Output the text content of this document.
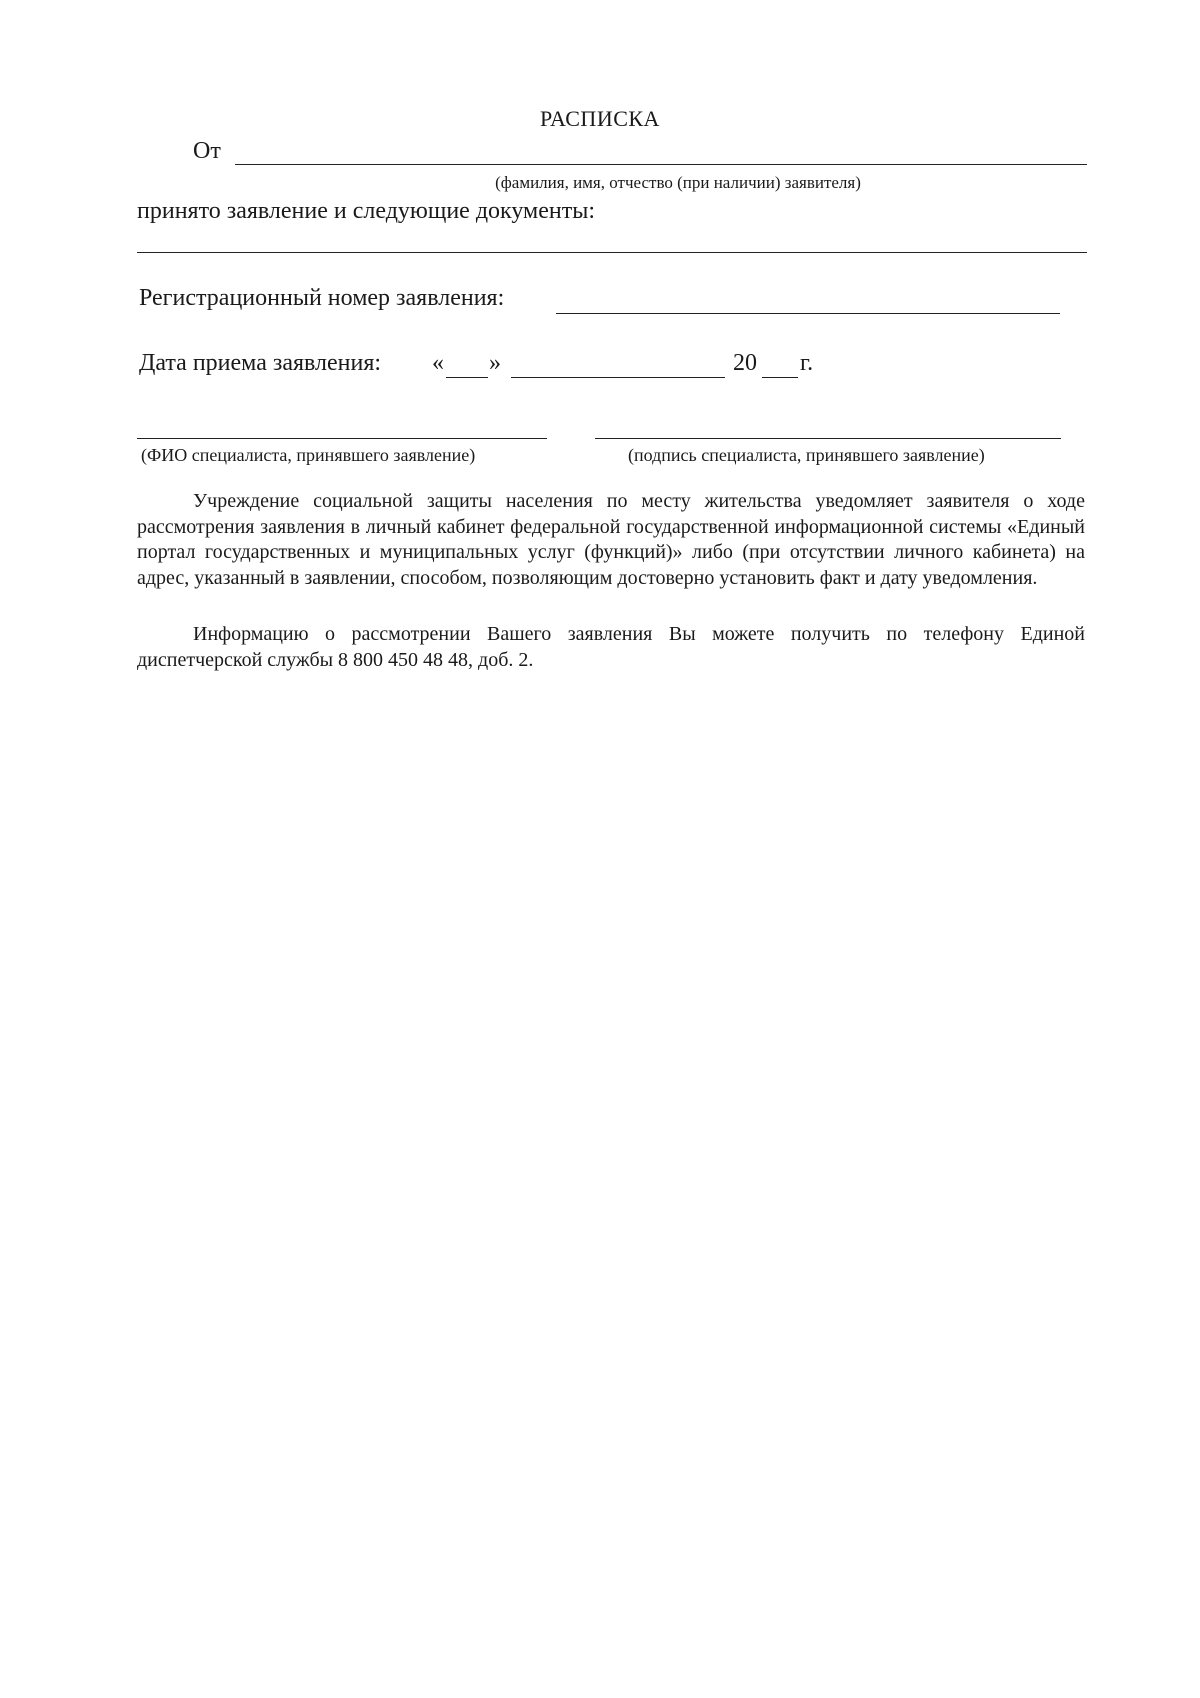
РАСПИСКА
От
(фамилия, имя, отчество (при наличии) заявителя)
принято заявление и следующие документы:
Регистрационный номер заявления:
Дата приема заявления: « »	20 г.
(ФИО специалиста, принявшего заявление)	(подпись специалиста, принявшего заявление)
Учреждение социальной защиты населения по месту жительства уведомляет заявителя о ходе рассмотрения заявления в личный кабинет федеральной государственной информационной системы «Единый портал государственных и муниципальных услуг (функций)» либо (при отсутствии личного кабинета) на адрес, указанный в заявлении, способом, позволяющим достоверно установить факт и дату уведомления.
Информацию о рассмотрении Вашего заявления Вы можете получить по телефону Единой диспетчерской службы 8 800 450 48 48, доб. 2.
